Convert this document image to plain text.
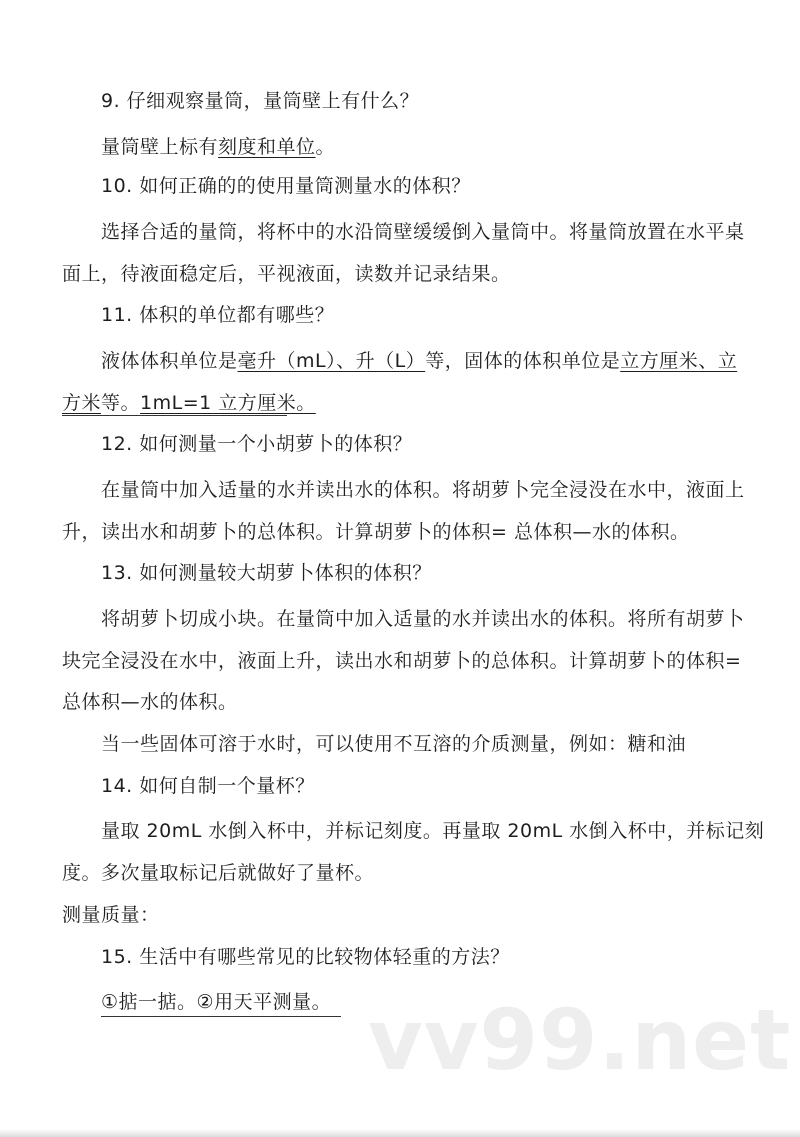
9. 仔细观察量筒，量筒壁上有什么？
量筒壁上标有刻度和单位。
10. 如何正确的的使用量筒测量水的体积？
选择合适的量筒，将杯中的水沿筒壁缓缓倒入量筒中。将量筒放置在水平桌
面上，待液面稳定后，平视液面，读数并记录结果。
11. 体积的单位都有哪些？
液体体积单位是毫升（mL）、升（L）等，固体的体积单位是立方厘米、立
方米等。1mL=1 立方厘米。
12. 如何测量一个小胡萝卜的体积？
在量筒中加入适量的水并读出水的体积。将胡萝卜完全浸没在水中，液面上
升，读出水和胡萝卜的总体积。计算胡萝卜的体积= 总体积—水的体积。
13. 如何测量较大胡萝卜体积的体积？
将胡萝卜切成小块。在量筒中加入适量的水并读出水的体积。将所有胡萝卜
块完全浸没在水中，液面上升，读出水和胡萝卜的总体积。计算胡萝卜的体积=
总体积—水的体积。
当一些固体可溶于水时，可以使用不互溶的介质测量，例如：糖和油
14. 如何自制一个量杯？
量取 20mL 水倒入杯中，并标记刻度。再量取 20mL 水倒入杯中，并标记刻
度。多次量取标记后就做好了量杯。
测量质量：
15. 生活中有哪些常见的比较物体轻重的方法？
①掂一掂。②用天平测量。 vv99.net
